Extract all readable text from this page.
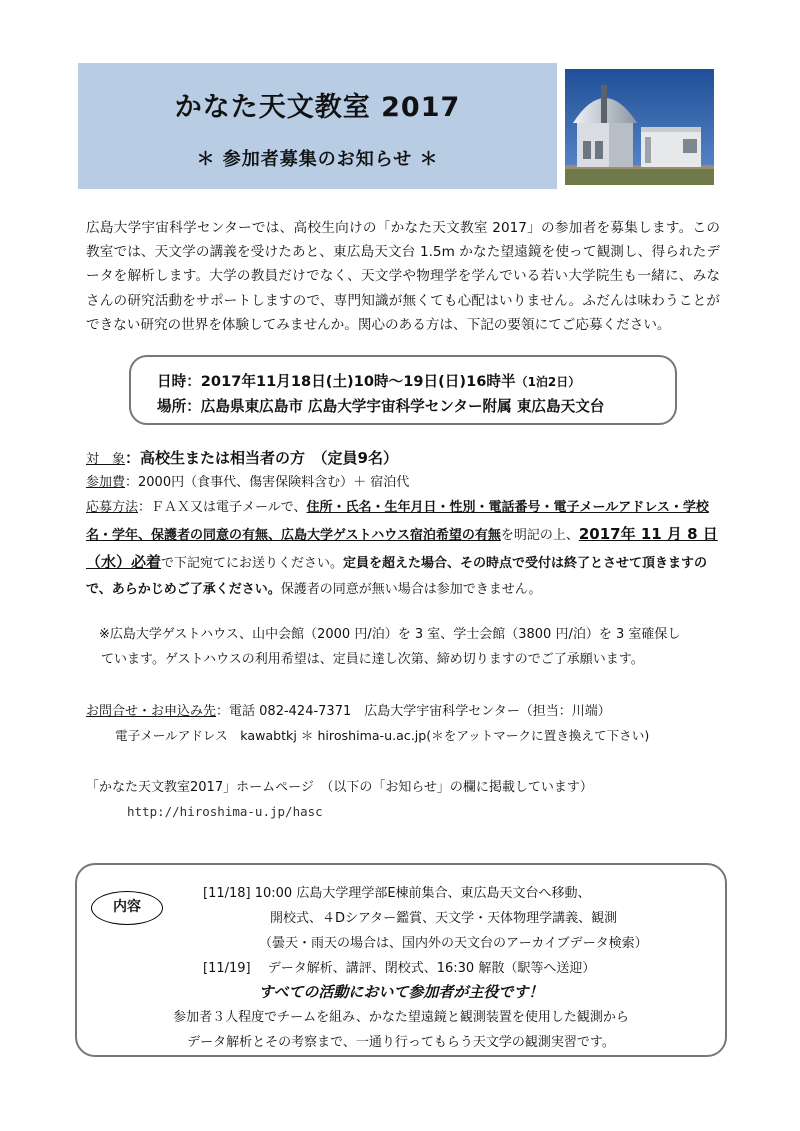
かなた天文教室 2017
＊ 参加者募集のお知らせ ＊
広島大学宇宙科学センターでは、高校生向けの「かなた天文教室 2017」の参加者を募集します。この教室では、天文学の講義を受けたあと、東広島天文台 1.5m かなた望遠鏡を使って観測し、得られたデータを解析します。大学の教員だけでなく、天文学や物理学を学んでいる若い大学院生も一緒に、みなさんの研究活動をサポートしますので、専門知識が無くても心配はいりません。ふだんは味わうことができない研究の世界を体験してみませんか。関心のある方は、下記の要領にてご応募ください。
日時：2017年11月18日(土)10時～19日(日)16時半（1泊2日）
場所：広島県東広島市 広島大学宇宙科学センター附属 東広島天文台
対　象：高校生または相当者の方　（定員9名）
参加費：2000円（食事代、傷害保険料含む）＋ 宿泊代
応募方法：ＦＡＸ又は電子メールで、住所・氏名・生年月日・性別・電話番号・電子メールアドレス・学校名・学年、保護者の同意の有無、広島大学ゲストハウス宿泊希望の有無を明記の上、2017年 11 月 8 日（水）必着で下記宛てにお送りください。定員を超えた場合、その時点で受付は終了とさせて頂きますので、あらかじめご了承ください。保護者の同意が無い場合は参加できません。
※広島大学ゲストハウス、山中会館（2000 円/泊）を 3 室、学士会館（3800 円/泊）を 3 室確保し
ています。ゲストハウスの利用希望は、定員に達し次第、締め切りますのでご了承願います。
お問合せ・お申込み先：電話 082-424-7371　広島大学宇宙科学センター（担当：川端）
電子メールアドレス　kawabtkj ＊ hiroshima-u.ac.jp(＊をアットマークに置き換えて下さい)
「かなた天文教室2017」ホームページ　（以下の「お知らせ」の欄に掲載しています）
http://hiroshima-u.jp/hasc
内容
[11/18] 10:00 広島大学理学部E棟前集合、東広島天文台へ移動、
開校式、４Dシアター鑑賞、天文学・天体物理学講義、観測
（曇天・雨天の場合は、国内外の天文台のアーカイブデータ検索）
[11/19]　 データ解析、講評、閉校式、16:30 解散（駅等へ送迎）
すべての活動において参加者が主役です！
参加者３人程度でチームを組み、かなた望遠鏡と観測装置を使用した観測から
データ解析とその考察まで、一通り行ってもらう天文学の観測実習です。
